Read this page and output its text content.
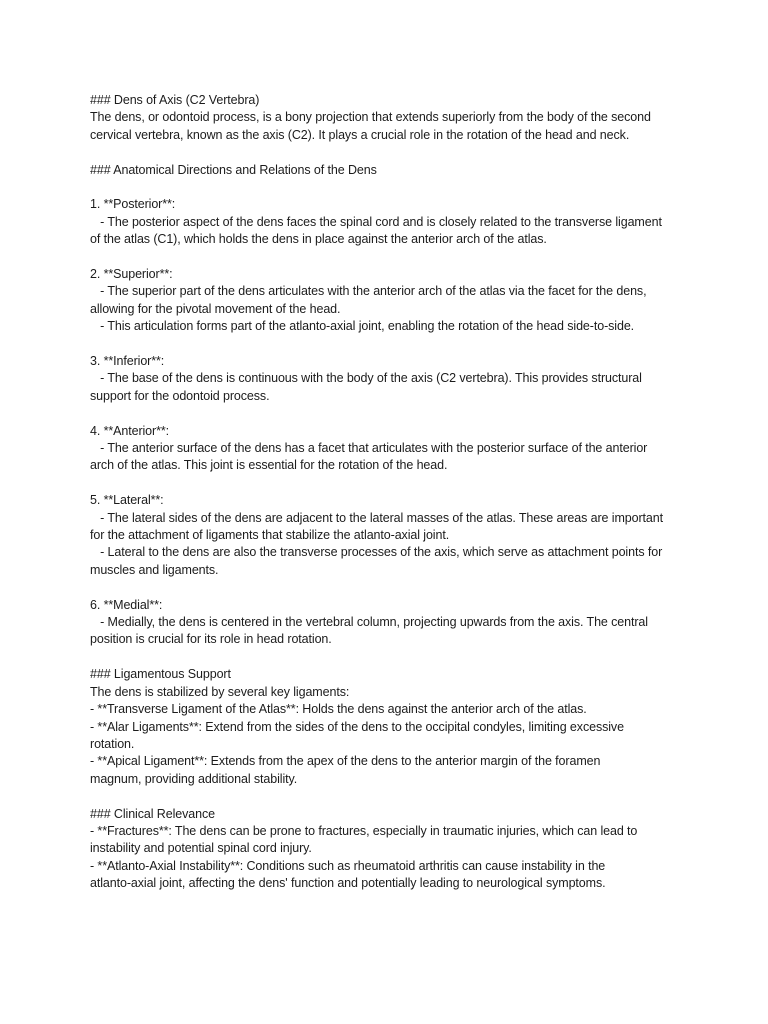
### Dens of Axis (C2 Vertebra)
The dens, or odontoid process, is a bony projection that extends superiorly from the body of the second
cervical vertebra, known as the axis (C2). It plays a crucial role in the rotation of the head and neck.
### Anatomical Directions and Relations of the Dens
1. **Posterior**:
- The posterior aspect of the dens faces the spinal cord and is closely related to the transverse ligament
of the atlas (C1), which holds the dens in place against the anterior arch of the atlas.
2. **Superior**:
- The superior part of the dens articulates with the anterior arch of the atlas via the facet for the dens,
allowing for the pivotal movement of the head.
- This articulation forms part of the atlanto-axial joint, enabling the rotation of the head side-to-side.
3. **Inferior**:
- The base of the dens is continuous with the body of the axis (C2 vertebra). This provides structural
support for the odontoid process.
4. **Anterior**:
- The anterior surface of the dens has a facet that articulates with the posterior surface of the anterior
arch of the atlas. This joint is essential for the rotation of the head.
5. **Lateral**:
- The lateral sides of the dens are adjacent to the lateral masses of the atlas. These areas are important
for the attachment of ligaments that stabilize the atlanto-axial joint.
- Lateral to the dens are also the transverse processes of the axis, which serve as attachment points for
muscles and ligaments.
6. **Medial**:
- Medially, the dens is centered in the vertebral column, projecting upwards from the axis. The central
position is crucial for its role in head rotation.
### Ligamentous Support
The dens is stabilized by several key ligaments:
- **Transverse Ligament of the Atlas**: Holds the dens against the anterior arch of the atlas.
- **Alar Ligaments**: Extend from the sides of the dens to the occipital condyles, limiting excessive
rotation.
- **Apical Ligament**: Extends from the apex of the dens to the anterior margin of the foramen
magnum, providing additional stability.
### Clinical Relevance
- **Fractures**: The dens can be prone to fractures, especially in traumatic injuries, which can lead to
instability and potential spinal cord injury.
- **Atlanto-Axial Instability**: Conditions such as rheumatoid arthritis can cause instability in the
atlanto-axial joint, affecting the dens' function and potentially leading to neurological symptoms.
